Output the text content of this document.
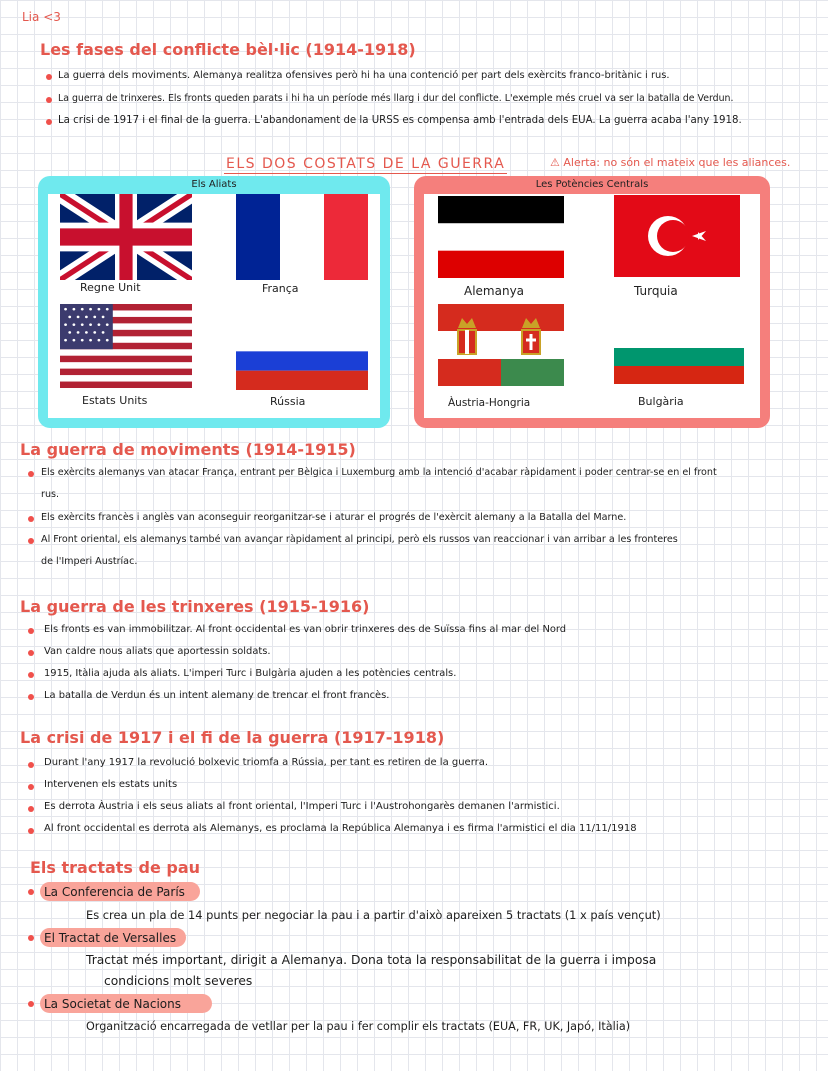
Lia <3
Les fases del conflicte bèl·lic (1914-1918)
La guerra dels moviments. Alemanya realitza ofensives però hi ha una contenció per part dels exèrcits franco-britànic i rus.
La guerra de trinxeres. Els fronts queden parats i hi ha un període més llarg i dur del conflicte. L'exemple més cruel va ser la batalla de Verdun.
La crisi de 1917 i el final de la guerra. L'abandonament de la URSS es compensa amb l'entrada dels EUA. La guerra acaba l'any 1918.
ELS DOS COSTATS DE LA GUERRA	⚠ Alerta: no són el mateix que les aliances.
Els Aliats
Regne Unit	França
Estats Units	Rússia
Les Potències Centrals
Alemanya	Turquia
Àustria-Hongria	Bulgària
La guerra de moviments (1914-1915)
Els exèrcits alemanys van atacar França, entrant per Bèlgica i Luxemburg amb la intenció d'acabar ràpidament i poder centrar-se en el front
rus.
Els exèrcits francès i anglès van aconseguir reorganitzar-se i aturar el progrés de l'exèrcit alemany a la Batalla del Marne.
Al Front oriental, els alemanys també van avançar ràpidament al principi, però els russos van reaccionar i van arribar a les fronteres
de l'Imperi Austríac.
La guerra de les trinxeres (1915-1916)
Els fronts es van immobilitzar. Al front occidental es van obrir trinxeres des de Suïssa fins al mar del Nord
Van caldre nous aliats que aportessin soldats.
1915, Itàlia ajuda als aliats. L'imperi Turc i Bulgària ajuden a les potències centrals.
La batalla de Verdun és un intent alemany de trencar el front francès.
La crisi de 1917 i el fi de la guerra (1917-1918)
Durant l'any 1917 la revolució bolxevic triomfa a Rússia, per tant es retiren de la guerra.
Intervenen els estats units
Es derrota Àustria i els seus aliats al front oriental, l'Imperi Turc i l'Austrohongarès demanen l'armistici.
Al front occidental es derrota als Alemanys, es proclama la República Alemanya i es firma l'armistici el dia 11/11/1918
Els tractats de pau
La Conferencia de París
Es crea un pla de 14 punts per negociar la pau i a partir d'això apareixen 5 tractats (1 x país vençut)
El Tractat de Versalles
Tractat més important, dirigit a Alemanya. Dona tota la responsabilitat de la guerra i imposa
condicions molt severes
La Societat de Nacions
Organització encarregada de vetllar per la pau i fer complir els tractats (EUA, FR, UK, Japó, Itàlia)
